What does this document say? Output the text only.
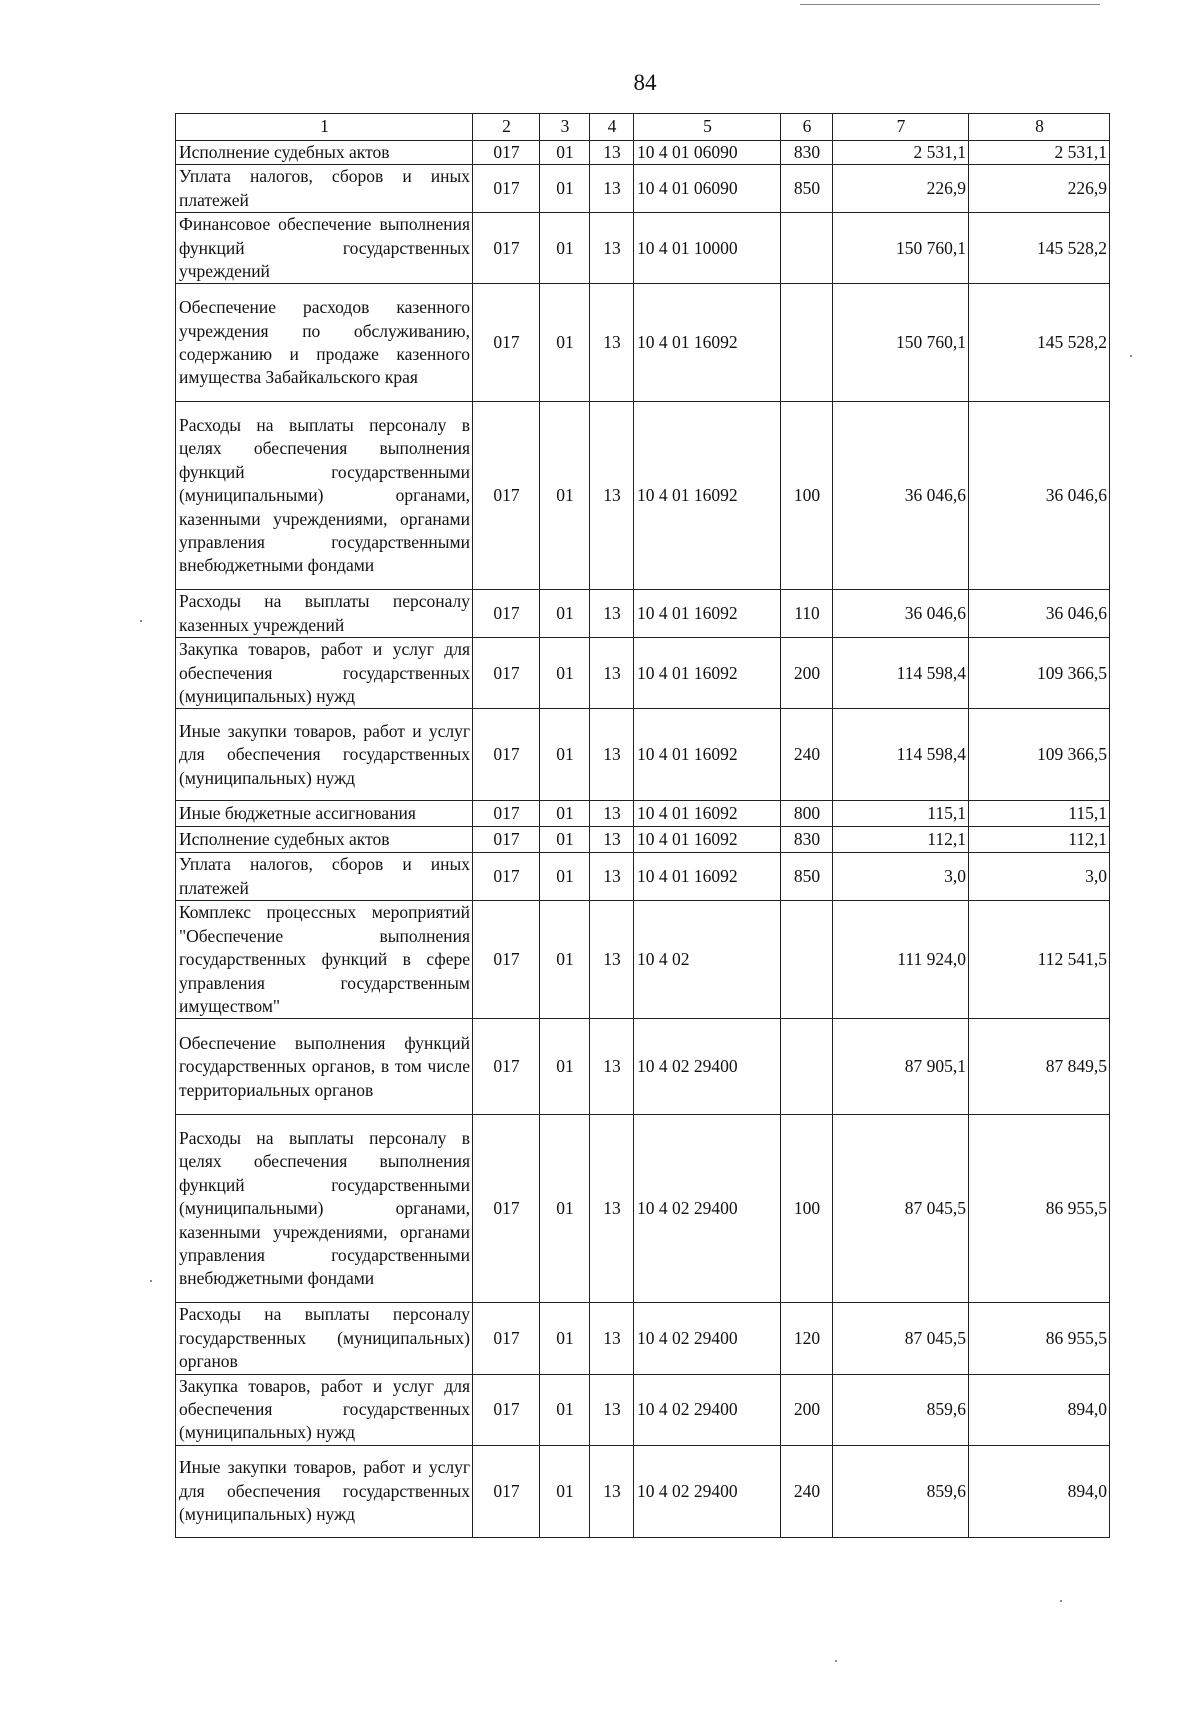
84
1	2	3	4	5	6	7	8
Исполнение судебных актов	017	01	13	10 4 01 06090	830	2 531,1	2 531,1
Уплата налогов, сборов и иных платежей	017	01	13	10 4 01 06090	850	226,9	226,9
Финансовое обеспечение выполнения функций государственных учреждений	017	01	13	10 4 01 10000		150 760,1	145 528,2
Обеспечение расходов казенного учреждения по обслуживанию, содержанию и продаже казенного имущества Забайкальского края	017	01	13	10 4 01 16092		150 760,1	145 528,2
Расходы на выплаты персоналу в целях обеспечения выполнения функций государственными (муниципальными) органами, казенными учреждениями, органами управления государственными внебюджетными фондами	017	01	13	10 4 01 16092	100	36 046,6	36 046,6
Расходы на выплаты персоналу казенных учреждений	017	01	13	10 4 01 16092	110	36 046,6	36 046,6
Закупка товаров, работ и услуг для обеспечения государственных (муниципальных) нужд	017	01	13	10 4 01 16092	200	114 598,4	109 366,5
Иные закупки товаров, работ и услуг для обеспечения государственных (муниципальных) нужд	017	01	13	10 4 01 16092	240	114 598,4	109 366,5
Иные бюджетные ассигнования	017	01	13	10 4 01 16092	800	115,1	115,1
Исполнение судебных актов	017	01	13	10 4 01 16092	830	112,1	112,1
Уплата налогов, сборов и иных платежей	017	01	13	10 4 01 16092	850	3,0	3,0
Комплекс процессных мероприятий "Обеспечение выполнения государственных функций в сфере управления государственным имуществом"	017	01	13	10 4 02		111 924,0	112 541,5
Обеспечение выполнения функций государственных органов, в том числе территориальных органов	017	01	13	10 4 02 29400		87 905,1	87 849,5
Расходы на выплаты персоналу в целях обеспечения выполнения функций государственными (муниципальными) органами, казенными учреждениями, органами управления государственными внебюджетными фондами	017	01	13	10 4 02 29400	100	87 045,5	86 955,5
Расходы на выплаты персоналу государственных (муниципальных) органов	017	01	13	10 4 02 29400	120	87 045,5	86 955,5
Закупка товаров, работ и услуг для обеспечения государственных (муниципальных) нужд	017	01	13	10 4 02 29400	200	859,6	894,0
Иные закупки товаров, работ и услуг для обеспечения государственных (муниципальных) нужд	017	01	13	10 4 02 29400	240	859,6	894,0
